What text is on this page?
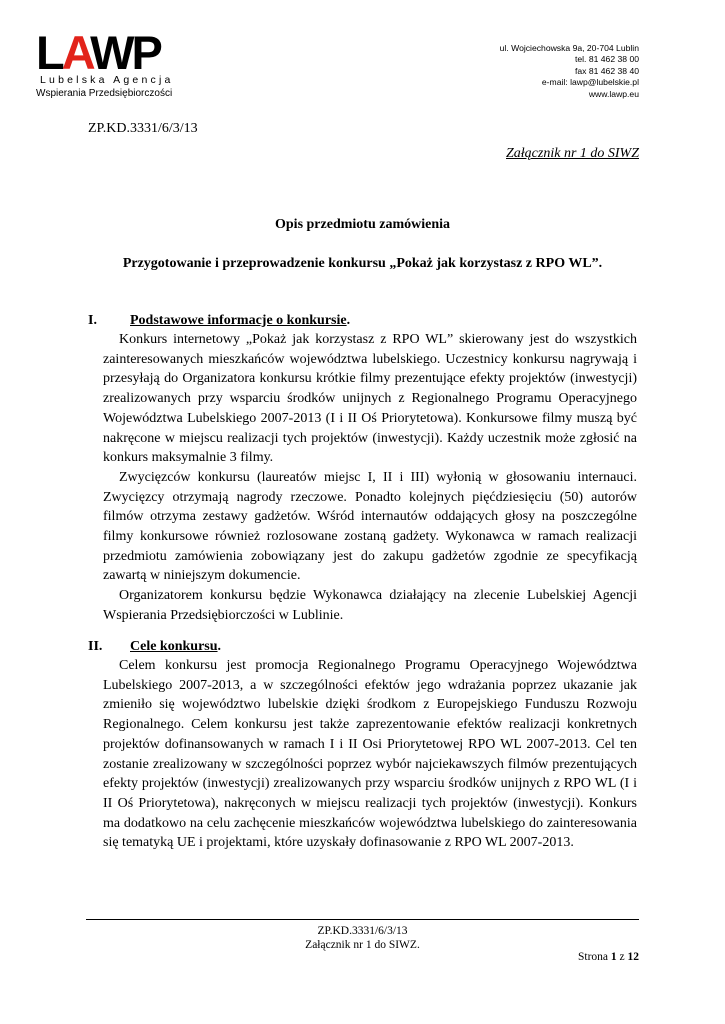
LAWP
Lubelska Agencja
Wspierania Przedsiębiorczości
ul. Wojciechowska 9a, 20-704 Lublin
tel. 81 462 38 00
fax 81 462 38 40
e-mail: lawp@lubelskie.pl
www.lawp.eu
ZP.KD.3331/6/3/13
Załącznik nr 1 do SIWZ
Opis przedmiotu zamówienia
Przygotowanie i przeprowadzenie konkursu „Pokaż jak korzystasz z RPO WL”.
I. Podstawowe informacje o konkursie.

Konkurs internetowy „Pokaż jak korzystasz z RPO WL” skierowany jest do wszystkich zainteresowanych mieszkańców województwa lubelskiego. Uczestnicy konkursu nagrywają i przesyłają do Organizatora konkursu krótkie filmy prezentujące efekty projektów (inwestycji) zrealizowanych przy wsparciu środków unijnych z Regionalnego Programu Operacyjnego Województwa Lubelskiego 2007-2013 (I i II Oś Priorytetowa). Konkursowe filmy muszą być nakręcone w miejscu realizacji tych projektów (inwestycji). Każdy uczestnik może zgłosić na konkurs maksymalnie 3 filmy.

Zwycięzców konkursu (laureatów miejsc I, II i III) wyłonią w głosowaniu internauci. Zwycięzcy otrzymają nagrody rzeczowe. Ponadto kolejnych pięćdziesięciu (50) autorów filmów otrzyma zestawy gadżetów. Wśród internautów oddających głosy na poszczególne filmy konkursowe również rozlosowane zostaną gadżety. Wykonawca w ramach realizacji przedmiotu zamówienia zobowiązany jest do zakupu gadżetów zgodnie ze specyfikacją zawartą w niniejszym dokumencie.

Organizatorem konkursu będzie Wykonawca działający na zlecenie Lubelskiej Agencji Wspierania Przedsiębiorczości w Lublinie.

II. Cele konkursu.

Celem konkursu jest promocja Regionalnego Programu Operacyjnego Województwa Lubelskiego 2007-2013, a w szczególności efektów jego wdrażania poprzez ukazanie jak zmieniło się województwo lubelskie dzięki środkom z Europejskiego Funduszu Rozwoju Regionalnego. Celem konkursu jest także zaprezentowanie efektów realizacji konkretnych projektów dofinansowanych w ramach I i II Osi Priorytetowej RPO WL 2007-2013. Cel ten zostanie zrealizowany w szczególności poprzez wybór najciekawszych filmów prezentujących efekty projektów (inwestycji) zrealizowanych przy wsparciu środków unijnych z RPO WL (I i II Oś Priorytetowa), nakręconych w miejscu realizacji tych projektów (inwestycji). Konkurs ma dodatkowo na celu zachęcenie mieszkańców województwa lubelskiego do zainteresowania się tematyką UE i projektami, które uzyskały dofinasowanie z RPO WL 2007-2013.

ZP.KD.3331/6/3/13
Załącznik nr 1 do SIWZ.
Strona 1 z 12
